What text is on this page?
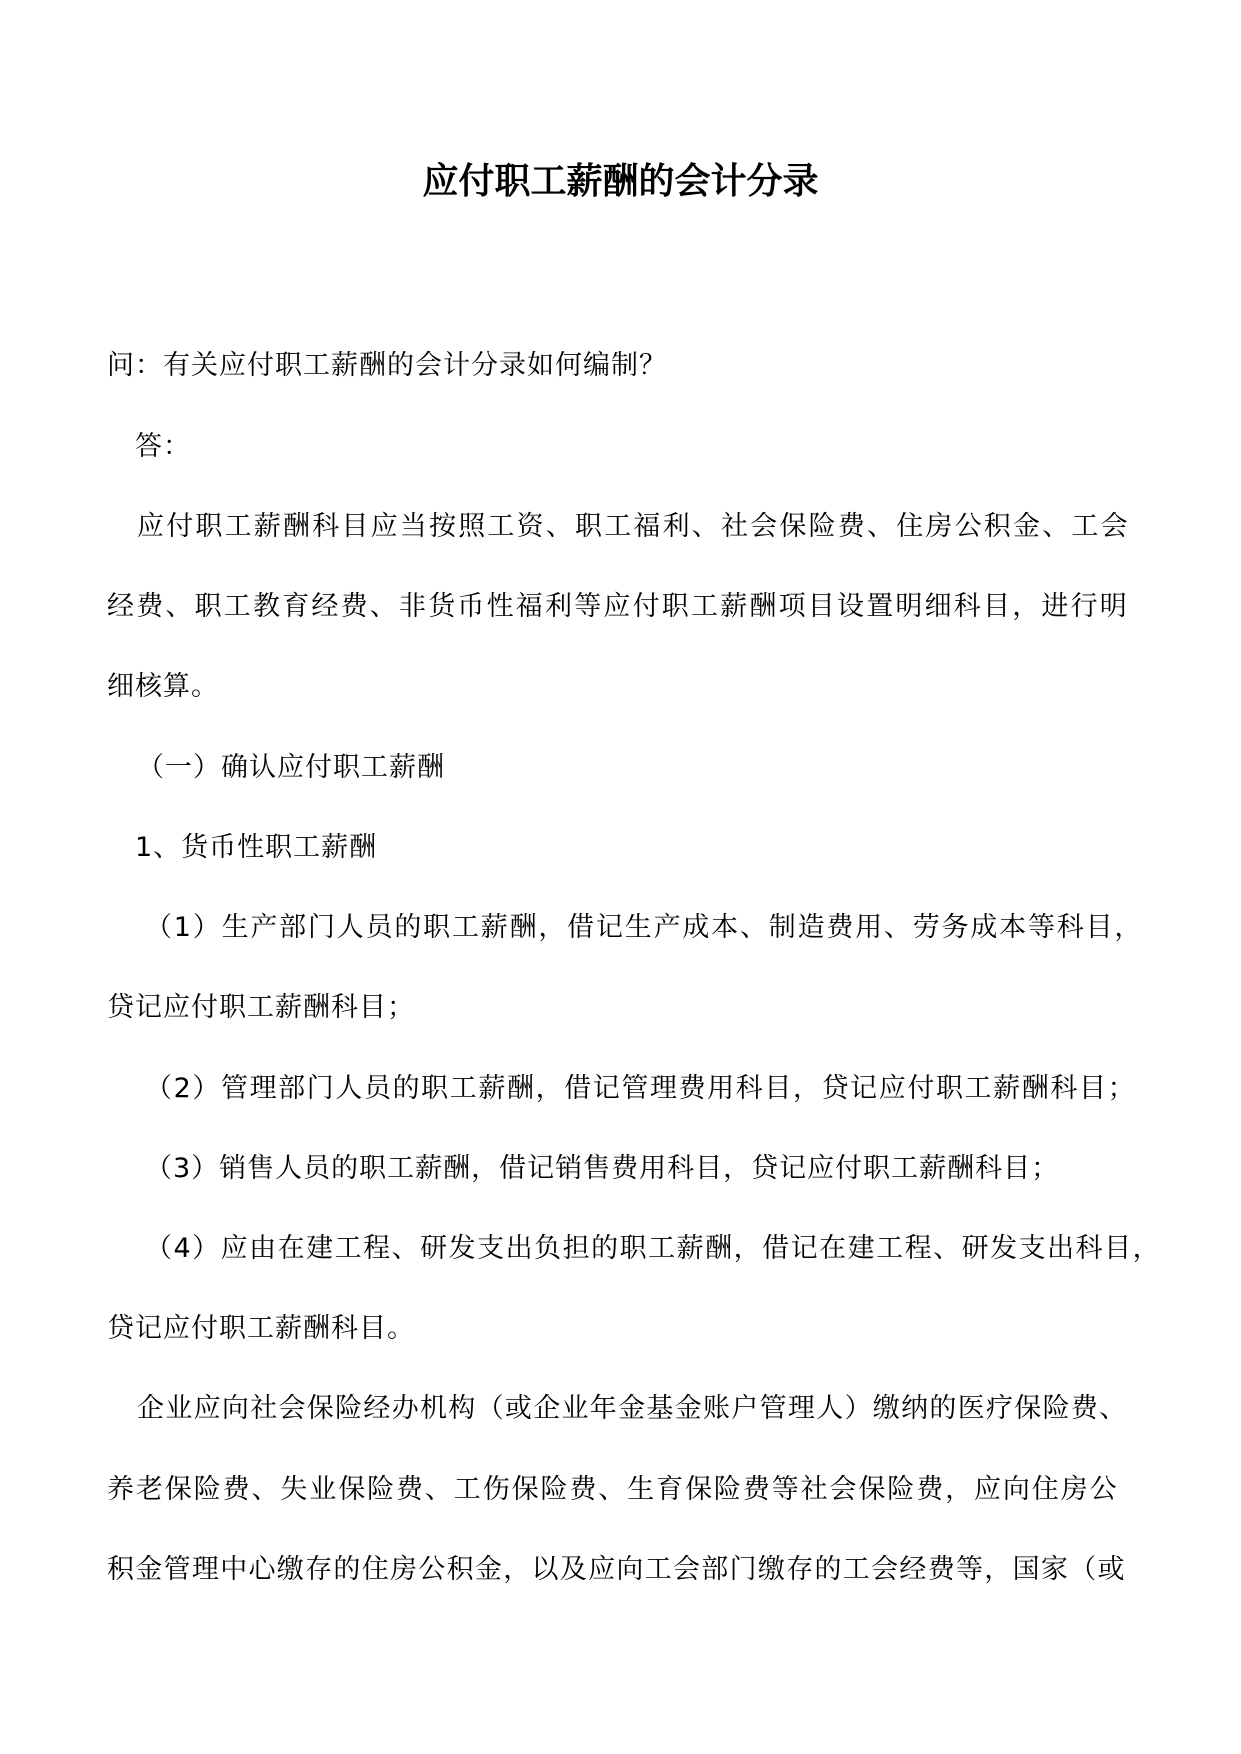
应付职工薪酬的会计分录
问：有关应付职工薪酬的会计分录如何编制？
答：
应付职工薪酬科目应当按照工资、职工福利、社会保险费、住房公积金、工会
经费、职工教育经费、非货币性福利等应付职工薪酬项目设置明细科目，进行明
细核算。
（一）确认应付职工薪酬
1、货币性职工薪酬
（1）生产部门人员的职工薪酬，借记生产成本、制造费用、劳务成本等科目，
贷记应付职工薪酬科目；
（2）管理部门人员的职工薪酬，借记管理费用科目，贷记应付职工薪酬科目；
（3）销售人员的职工薪酬，借记销售费用科目，贷记应付职工薪酬科目；
（4）应由在建工程、研发支出负担的职工薪酬，借记在建工程、研发支出科目，
贷记应付职工薪酬科目。
企业应向社会保险经办机构（或企业年金基金账户管理人）缴纳的医疗保险费、
养老保险费、失业保险费、工伤保险费、生育保险费等社会保险费，应向住房公
积金管理中心缴存的住房公积金，以及应向工会部门缴存的工会经费等，国家（或
